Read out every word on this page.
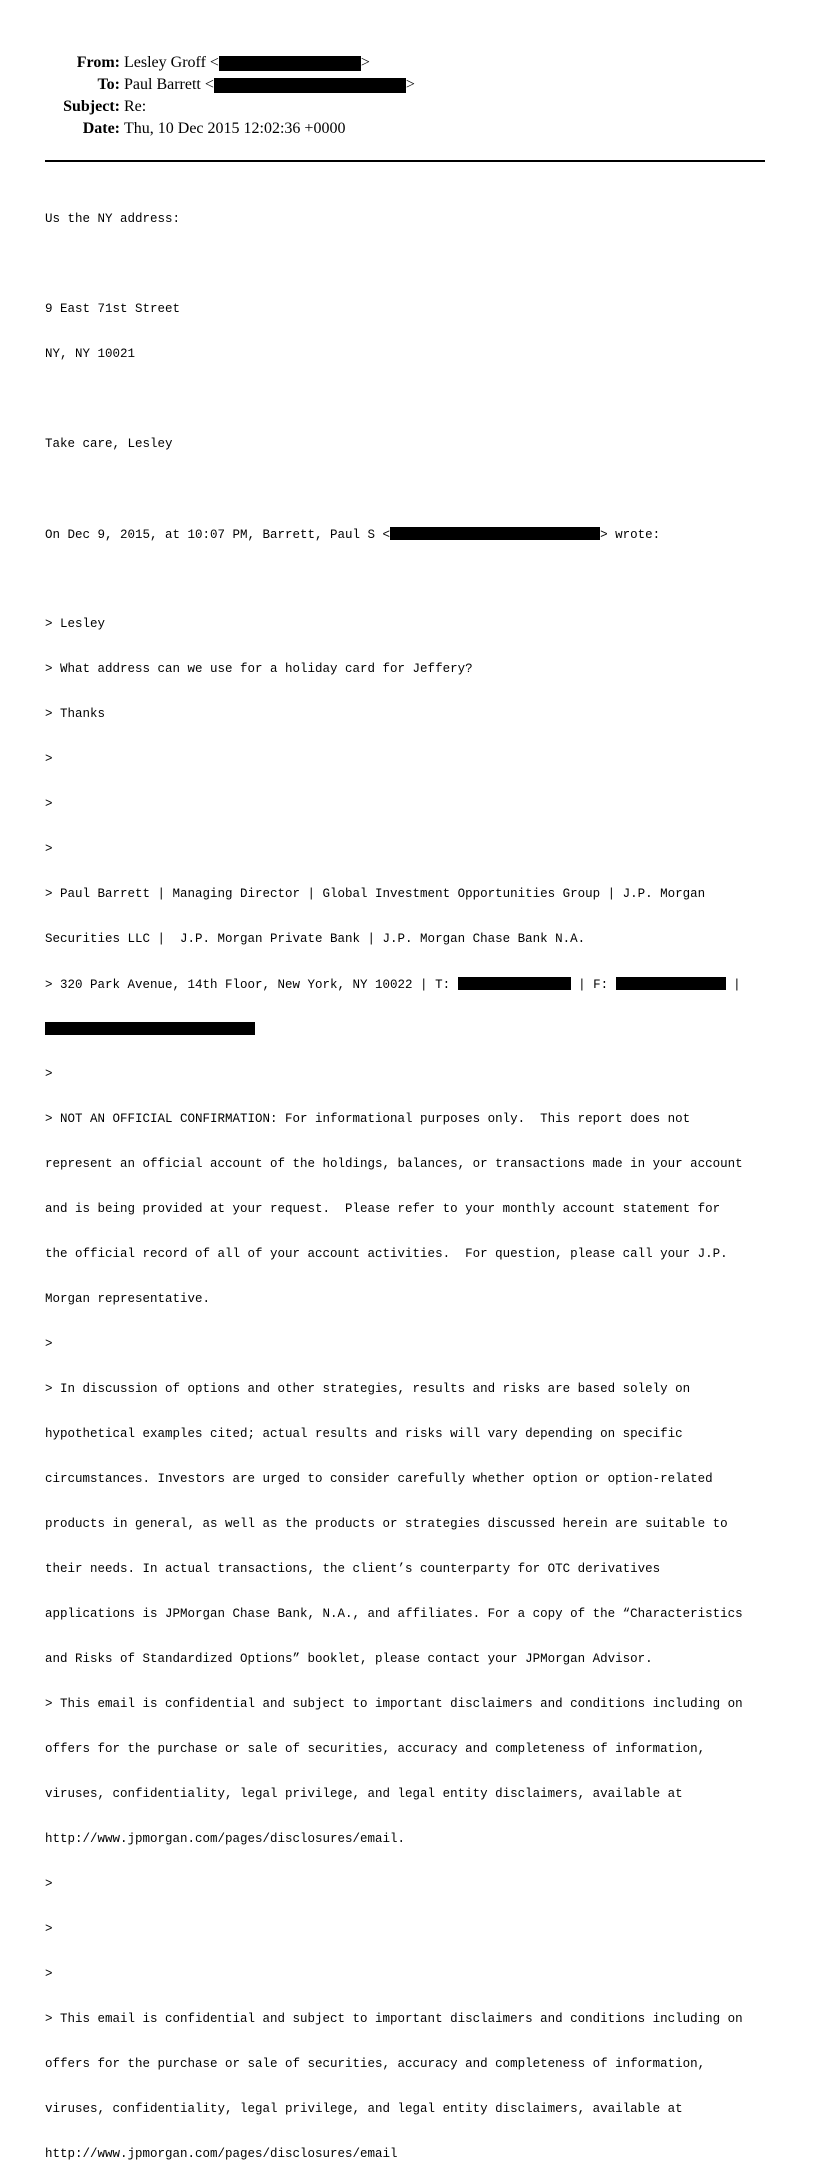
From: Lesley Groff <	>
To: Paul Barrett <	>
Subject: Re:
Date: Thu, 10 Dec 2015 12:02:36 +0000

Us the NY address:

9 East 71st Street

NY, NY 10021

Take care, Lesley

On Dec 9, 2015, at 10:07 PM, Barrett, Paul S <	> wrote:

> Lesley

> What address can we use for a holiday card for Jeffery?

> Thanks

>

>

>

> Paul Barrett | Managing Director | Global Investment Opportunities Group | J.P. Morgan

Securities LLC |  J.P. Morgan Private Bank | J.P. Morgan Chase Bank N.A.

> 320 Park Avenue, 14th Floor, New York, NY 10022 | T:	| F:	|

>

> NOT AN OFFICIAL CONFIRMATION: For informational purposes only.  This report does not

represent an official account of the holdings, balances, or transactions made in your account

and is being provided at your request.  Please refer to your monthly account statement for

the official record of all of your account activities.  For question, please call your J.P.

Morgan representative.

>

> In discussion of options and other strategies, results and risks are based solely on

hypothetical examples cited; actual results and risks will vary depending on specific

circumstances. Investors are urged to consider carefully whether option or option-related

products in general, as well as the products or strategies discussed herein are suitable to

their needs. In actual transactions, the client’s counterparty for OTC derivatives

applications is JPMorgan Chase Bank, N.A., and affiliates. For a copy of the “Characteristics

and Risks of Standardized Options” booklet, please contact your JPMorgan Advisor.

> This email is confidential and subject to important disclaimers and conditions including on

offers for the purchase or sale of securities, accuracy and completeness of information,

viruses, confidentiality, legal privilege, and legal entity disclaimers, available at

http://www.jpmorgan.com/pages/disclosures/email.

>

>

>

> This email is confidential and subject to important disclaimers and conditions including on

offers for the purchase or sale of securities, accuracy and completeness of information,

viruses, confidentiality, legal privilege, and legal entity disclaimers, available at

http://www.jpmorgan.com/pages/disclosures/email
